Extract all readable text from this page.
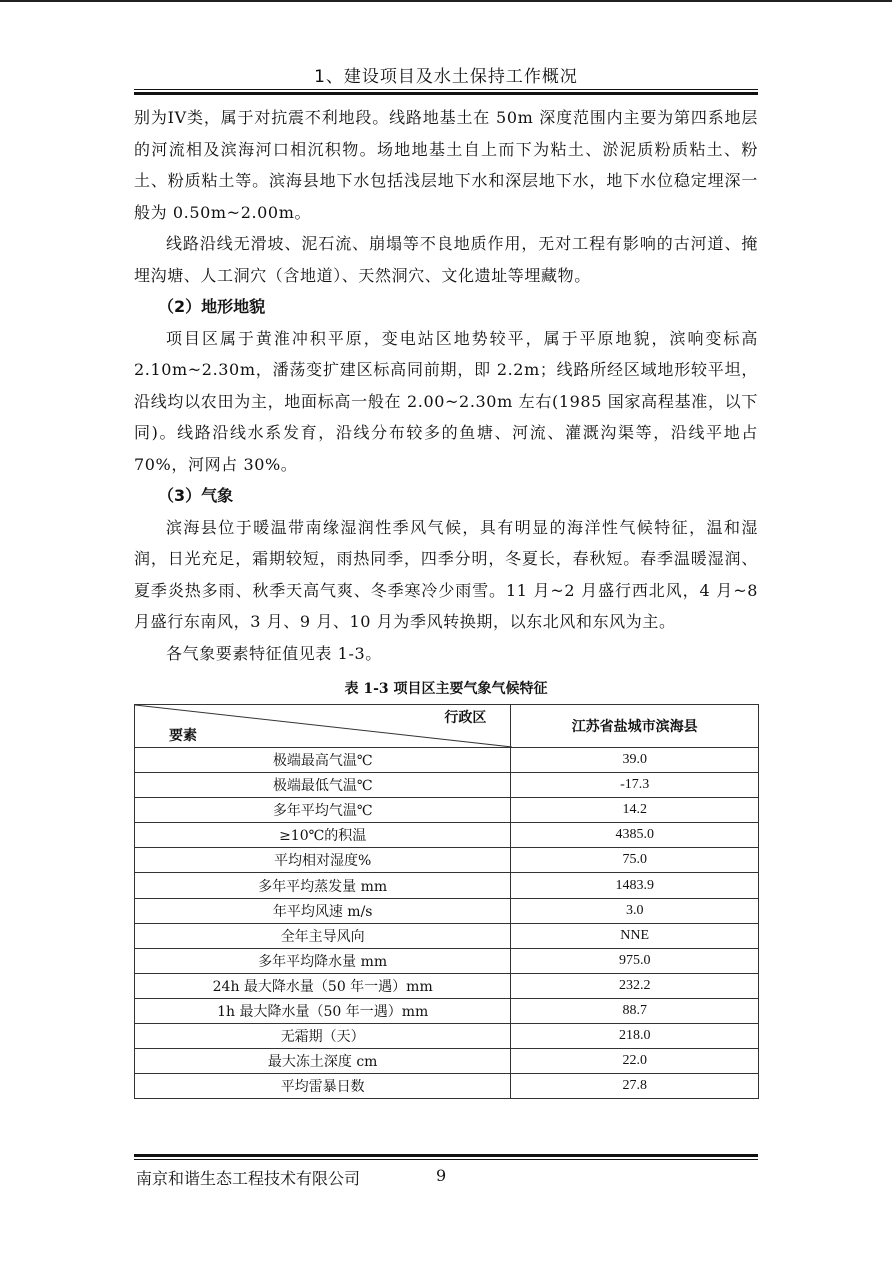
1、建设项目及水土保持工作概况

别为IV类，属于对抗震不利地段。线路地基土在 50m 深度范围内主要为第四系地层的河流相及滨海河口相沉积物。场地地基土自上而下为粘土、淤泥质粉质粘土、粉土、粉质粘土等。滨海县地下水包括浅层地下水和深层地下水，地下水位稳定埋深一般为 0.50m~2.00m。

线路沿线无滑坡、泥石流、崩塌等不良地质作用，无对工程有影响的古河道、掩埋沟塘、人工洞穴（含地道）、天然洞穴、文化遗址等埋藏物。

（2）地形地貌

项目区属于黄淮冲积平原，变电站区地势较平，属于平原地貌，滨响变标高 2.10m~2.30m，潘荡变扩建区标高同前期，即 2.2m；线路所经区域地形较平坦，沿线均以农田为主，地面标高一般在 2.00~2.30m 左右(1985 国家高程基准，以下同)。线路沿线水系发育，沿线分布较多的鱼塘、河流、灌溉沟渠等，沿线平地占 70%，河网占 30%。

（3）气象

滨海县位于暖温带南缘湿润性季风气候，具有明显的海洋性气候特征，温和湿润，日光充足，霜期较短，雨热同季，四季分明，冬夏长，春秋短。春季温暖湿润、夏季炎热多雨、秋季天高气爽、冬季寒冷少雨雪。11 月~2 月盛行西北风，4 月~8 月盛行东南风，3 月、9 月、10 月为季风转换期，以东北风和东风为主。

各气象要素特征值见表 1-3。

表 1-3 项目区主要气象气候特征
行政区
要素	江苏省盐城市滨海县
极端最高气温℃	39.0
极端最低气温℃	-17.3
多年平均气温℃	14.2
≥10℃的积温	4385.0
平均相对湿度%	75.0
多年平均蒸发量 mm	1483.9
年平均风速 m/s	3.0
全年主导风向	NNE
多年平均降水量 mm	975.0
24h 最大降水量（50 年一遇）mm	232.2
1h 最大降水量（50 年一遇）mm	88.7
无霜期（天）	218.0
最大冻土深度 cm	22.0
平均雷暴日数	27.8
南京和谐生态工程技术有限公司	9
